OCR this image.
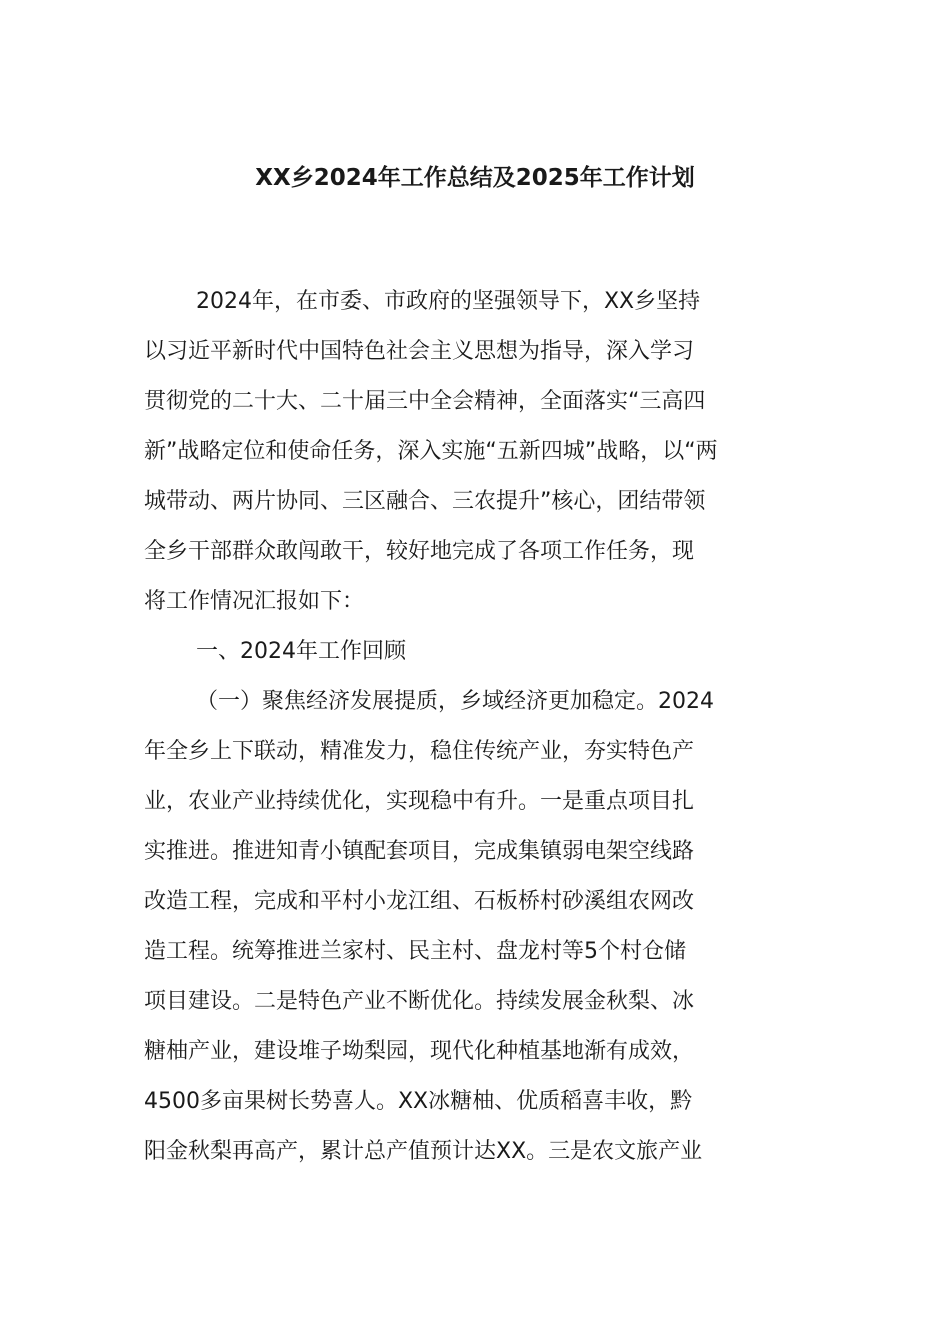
XX乡2024年工作总结及2025年工作计划
2024年，在市委、市政府的坚强领导下，XX乡坚持
以习近平新时代中国特色社会主义思想为指导，深入学习
贯彻党的二十大、二十届三中全会精神，全面落实“三高四
新”战略定位和使命任务，深入实施“五新四城”战略，以“两
城带动、两片协同、三区融合、三农提升”核心，团结带领
全乡干部群众敢闯敢干，较好地完成了各项工作任务，现
将工作情况汇报如下：
一、2024年工作回顾
（一）聚焦经济发展提质，乡域经济更加稳定。2024
年全乡上下联动，精准发力，稳住传统产业，夯实特色产
业，农业产业持续优化，实现稳中有升。一是重点项目扎
实推进。推进知青小镇配套项目，完成集镇弱电架空线路
改造工程，完成和平村小龙江组、石板桥村砂溪组农网改
造工程。统筹推进兰家村、民主村、盘龙村等5个村仓储
项目建设。二是特色产业不断优化。持续发展金秋梨、冰
糖柚产业，建设堆子坳梨园，现代化种植基地渐有成效，
4500多亩果树长势喜人。XX冰糖柚、优质稻喜丰收，黔
阳金秋梨再高产，累计总产值预计达XX。三是农文旅产业
